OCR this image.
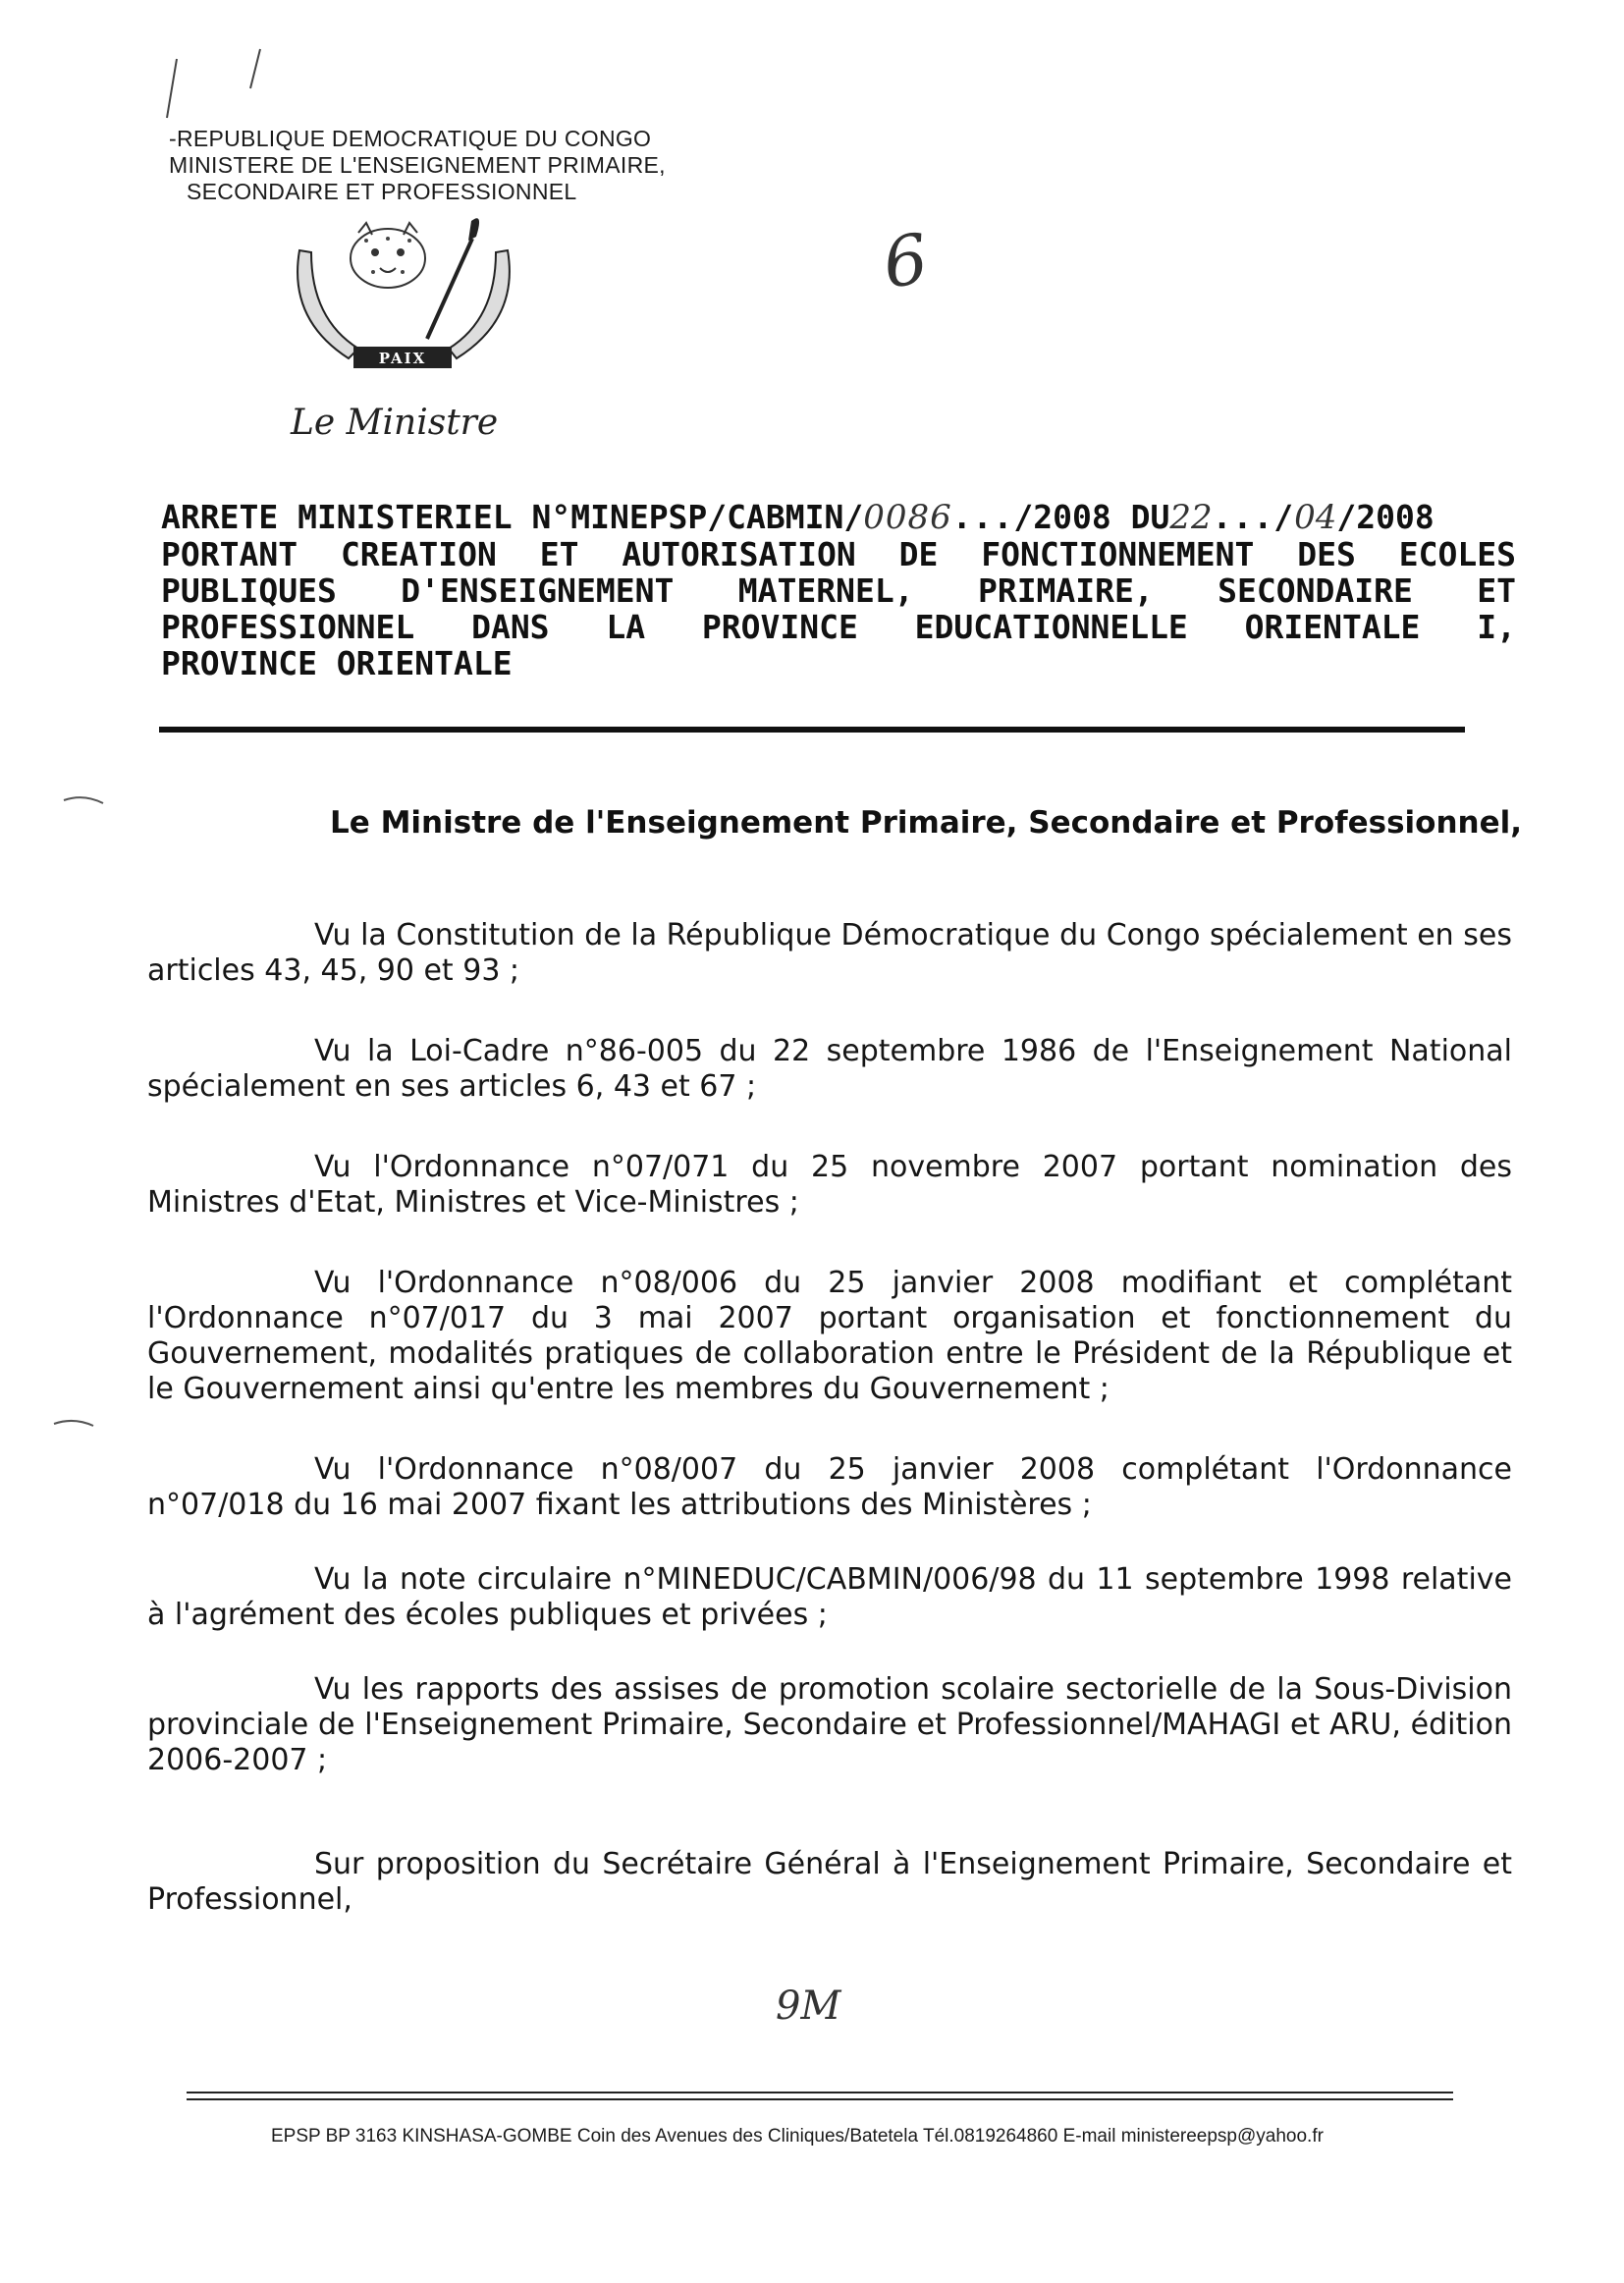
-REPUBLIQUE DEMOCRATIQUE DU CONGO
MINISTERE DE L'ENSEIGNEMENT PRIMAIRE,
SECONDAIRE ET PROFESSIONNEL
PAIX
Le Ministre
6
ARRETE MINISTERIEL N°MINEPSP/CABMIN/0086.../2008 DU22.../04/2008
PORTANT CREATION ET AUTORISATION DE FONCTIONNEMENT DES ECOLES
PUBLIQUES D'ENSEIGNEMENT MATERNEL, PRIMAIRE, SECONDAIRE ET
PROFESSIONNEL DANS LA PROVINCE EDUCATIONNELLE ORIENTALE I,
PROVINCE ORIENTALE
Le Ministre de l'Enseignement Primaire, Secondaire et Professionnel,

Vu la Constitution de la République Démocratique du Congo spécialement en ses articles 43, 45, 90 et 93 ;

Vu la Loi-Cadre n°86-005 du 22 septembre 1986 de l'Enseignement National spécialement en ses articles 6, 43 et 67 ;

Vu l'Ordonnance n°07/071 du 25 novembre 2007 portant nomination des Ministres d'Etat, Ministres et Vice-Ministres ;

Vu l'Ordonnance n°08/006 du 25 janvier 2008 modifiant et complétant l'Ordonnance n°07/017 du 3 mai 2007 portant organisation et fonctionnement du Gouvernement, modalités pratiques de collaboration entre le Président de la République et le Gouvernement ainsi qu'entre les membres du Gouvernement ;

Vu l'Ordonnance n°08/007 du 25 janvier 2008 complétant l'Ordonnance n°07/018 du 16 mai 2007 fixant les attributions des Ministères ;

Vu la note circulaire n°MINEDUC/CABMIN/006/98 du 11 septembre 1998 relative à l'agrément des écoles publiques et privées ;

Vu les rapports des assises de promotion scolaire sectorielle de la Sous-Division provinciale de l'Enseignement Primaire, Secondaire et Professionnel/MAHAGI et ARU, édition 2006-2007 ;

Sur proposition du Secrétaire Général à l'Enseignement Primaire, Secondaire et Professionnel,

9M
EPSP BP 3163 KINSHASA-GOMBE Coin des Avenues des Cliniques/Batetela Tél.0819264860 E-mail ministereepsp@yahoo.fr
